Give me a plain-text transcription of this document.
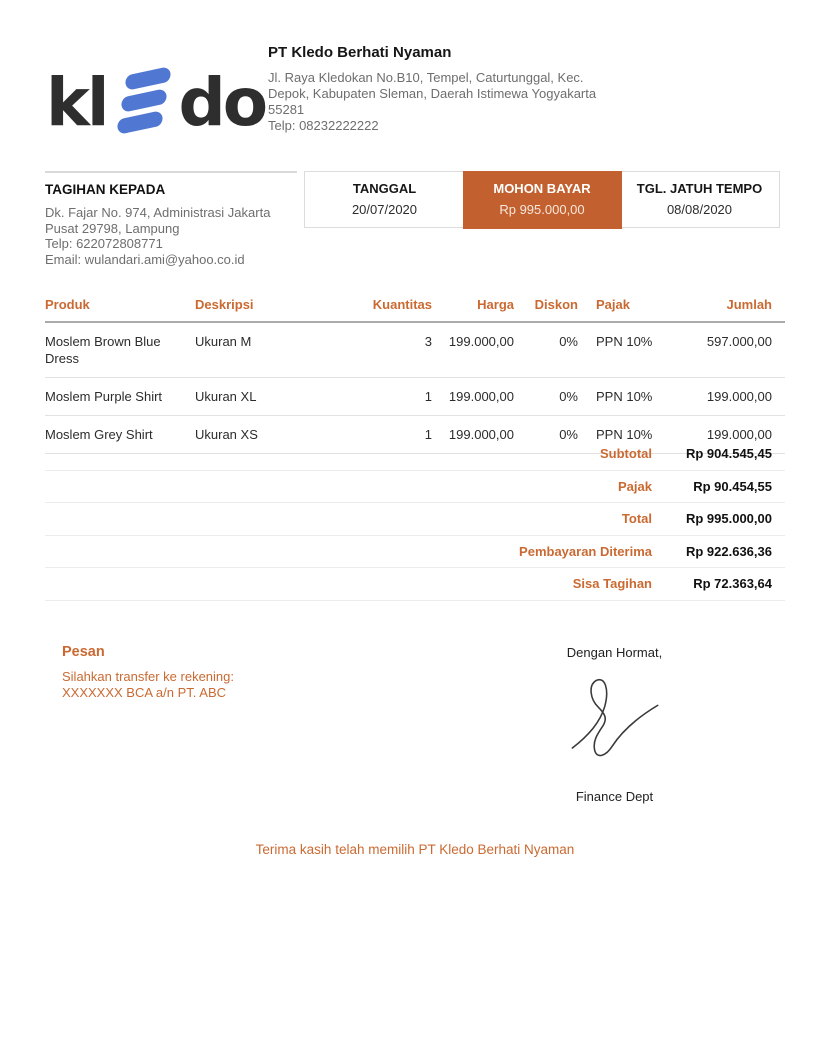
kl do
PT Kledo Berhati Nyaman
Jl. Raya Kledokan No.B10, Tempel, Caturtunggal, Kec.
Depok, Kabupaten Sleman, Daerah Istimewa Yogyakarta
55281
Telp: 08232222222
TAGIHAN KEPADA
Dk. Fajar No. 974, Administrasi Jakarta
Pusat 29798, Lampung
Telp: 622072808771
Email: wulandari.ami@yahoo.co.id
TANGGAL
20/07/2020
MOHON BAYAR
Rp 995.000,00
TGL. JATUH TEMPO
08/08/2020
Produk	Deskripsi	Kuantitas	Harga	Diskon	Pajak	Jumlah
Moslem Brown Blue Dress	Ukuran M	3	199.000,00	0%	PPN 10%	597.000,00
Moslem Purple Shirt	Ukuran XL	1	199.000,00	0%	PPN 10%	199.000,00
Moslem Grey Shirt	Ukuran XS	1	199.000,00	0%	PPN 10%	199.000,00
Subtotal	Rp 904.545,45
Pajak	Rp 90.454,55
Total	Rp 995.000,00
Pembayaran Diterima	Rp 922.636,36
Sisa Tagihan	Rp 72.363,64
Pesan
Silahkan transfer ke rekening:
XXXXXXX BCA a/n PT. ABC
Dengan Hormat,
Finance Dept
Terima kasih telah memilih PT Kledo Berhati Nyaman
